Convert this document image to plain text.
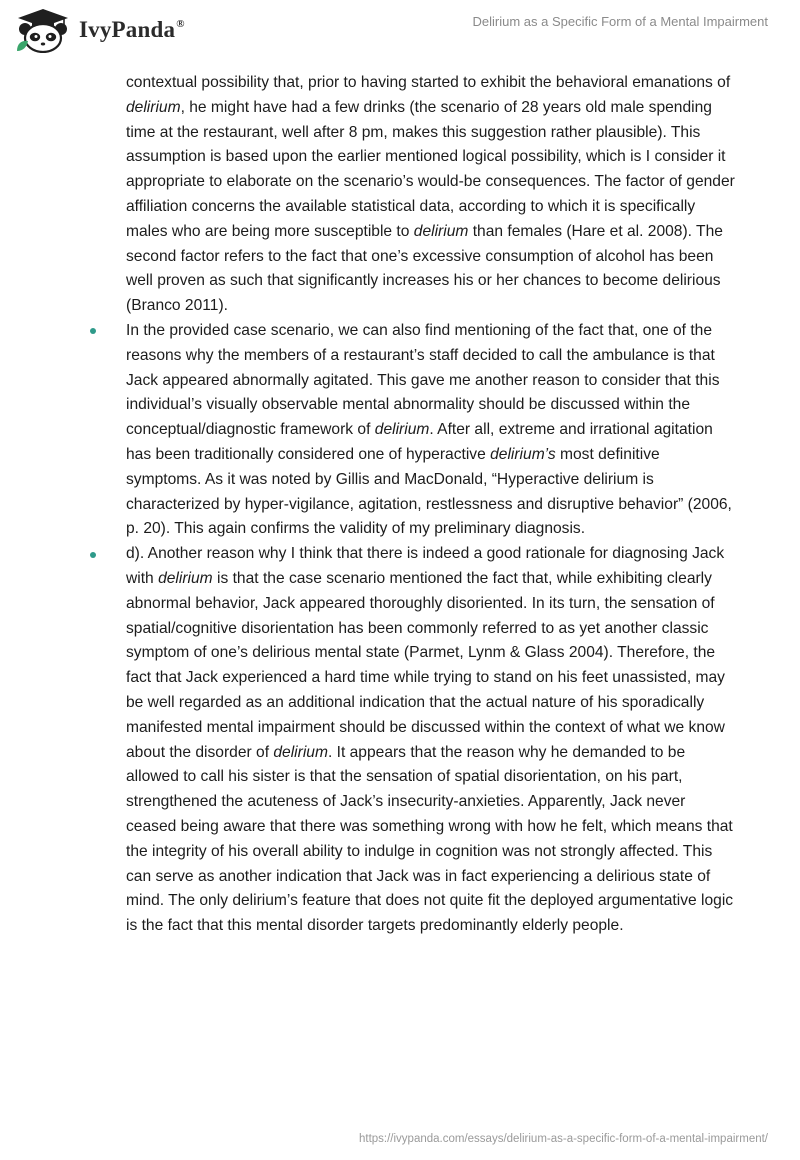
IvyPanda®	Delirium as a Specific Form of a Mental Impairment

contextual possibility that, prior to having started to exhibit the behavioral emanations of delirium, he might have had a few drinks (the scenario of 28 years old male spending time at the restaurant, well after 8 pm, makes this suggestion rather plausible). This assumption is based upon the earlier mentioned logical possibility, which is I consider it appropriate to elaborate on the scenario’s would-be consequences. The factor of gender affiliation concerns the available statistical data, according to which it is specifically males who are being more susceptible to delirium than females (Hare et al. 2008). The second factor refers to the fact that one’s excessive consumption of alcohol has been well proven as such that significantly increases his or her chances to become delirious (Branco 2011).

In the provided case scenario, we can also find mentioning of the fact that, one of the reasons why the members of a restaurant’s staff decided to call the ambulance is that Jack appeared abnormally agitated. This gave me another reason to consider that this individual’s visually observable mental abnormality should be discussed within the conceptual/diagnostic framework of delirium. After all, extreme and irrational agitation has been traditionally considered one of hyperactive delirium’s most definitive symptoms. As it was noted by Gillis and MacDonald, “Hyperactive delirium is characterized by hyper-vigilance, agitation, restlessness and disruptive behavior” (2006, p. 20). This again confirms the validity of my preliminary diagnosis.

d). Another reason why I think that there is indeed a good rationale for diagnosing Jack with delirium is that the case scenario mentioned the fact that, while exhibiting clearly abnormal behavior, Jack appeared thoroughly disoriented. In its turn, the sensation of spatial/cognitive disorientation has been commonly referred to as yet another classic symptom of one’s delirious mental state (Parmet, Lynm & Glass 2004). Therefore, the fact that Jack experienced a hard time while trying to stand on his feet unassisted, may be well regarded as an additional indication that the actual nature of his sporadically manifested mental impairment should be discussed within the context of what we know about the disorder of delirium. It appears that the reason why he demanded to be allowed to call his sister is that the sensation of spatial disorientation, on his part, strengthened the acuteness of Jack’s insecurity-anxieties. Apparently, Jack never ceased being aware that there was something wrong with how he felt, which means that the integrity of his overall ability to indulge in cognition was not strongly affected. This can serve as another indication that Jack was in fact experiencing a delirious state of mind. The only delirium’s feature that does not quite fit the deployed argumentative logic is the fact that this mental disorder targets predominantly elderly people.

https://ivypanda.com/essays/delirium-as-a-specific-form-of-a-mental-impairment/
